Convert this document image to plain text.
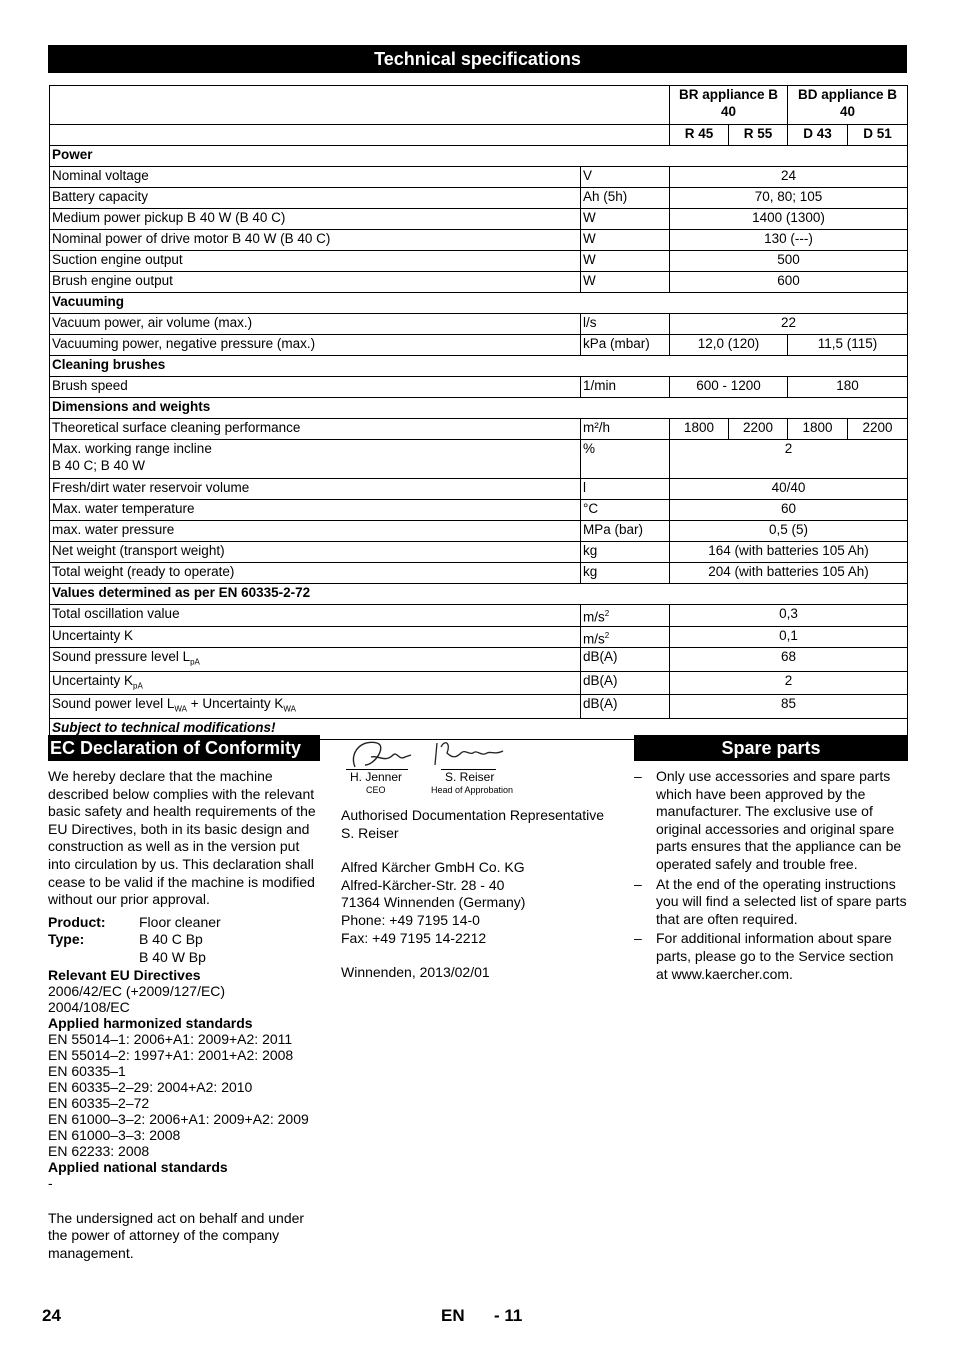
Technical specifications
		BR appliance B 40		BD appliance B 40	
		R 45	R 55	D 43	D 51
Power					
Nominal voltage	V	24			
Battery capacity	Ah (5h)	70, 80; 105			
Medium power pickup B 40 W (B 40 C)	W	1400 (1300)			
Nominal power of drive motor B 40 W (B 40 C)	W	130 (---)			
Suction engine output	W	500			
Brush engine output	W	600			
Vacuuming					
Vacuum power, air volume (max.)	l/s	22			
Vacuuming power, negative pressure (max.)	kPa (mbar)	12,0 (120)		11,5 (115)	
Cleaning brushes					
Brush speed	1/min	600 - 1200		180	
Dimensions and weights					
Theoretical surface cleaning performance	m²/h	1800	2200	1800	2200
Max. working range incline
B 40 C; B 40 W	%	2			
Fresh/dirt water reservoir volume	l	40/40			
Max. water temperature	°C	60			
max. water pressure	MPa (bar)	0,5 (5)			
Net weight (transport weight)	kg	164 (with batteries 105 Ah)			
Total weight (ready to operate)	kg	204 (with batteries 105 Ah)			
Values determined as per EN 60335-2-72					
Total oscillation value	$m/s^2$	0,3			
Uncertainty K	$m/s^2$	0,1			
Sound pressure level $L_{pA}$	dB(A)	68			
Uncertainty $K_{pA}$	dB(A)	2			
Sound power level $L_{WA}$ + Uncertainty $K_{WA}$	dB(A)	85			
Subject to technical modifications!					
EC Declaration of Conformity
We hereby declare that the machine described below complies with the relevant basic safety and health requirements of the EU Directives, both in its basic design and construction as well as in the version put into circulation by us. This declaration shall cease to be valid if the machine is modified without our prior approval.
Product:	Floor cleaner
Type:	B 40 C Bp
B 40 W Bp
Relevant EU Directives
2006/42/EC (+2009/127/EC)
2004/108/EC
Applied harmonized standards
EN 55014–1: 2006+A1: 2009+A2: 2011
EN 55014–2: 1997+A1: 2001+A2: 2008
EN 60335–1
EN 60335–2–29: 2004+A2: 2010
EN 60335–2–72
EN 61000–3–2: 2006+A1: 2009+A2: 2009
EN 61000–3–3: 2008
EN 62233: 2008
Applied national standards
-
The undersigned act on behalf and under the power of attorney of the company management.
H. Jenner
CEO
S. Reiser
Head of Approbation
Authorised Documentation Representative
S. Reiser
Alfred Kärcher GmbH Co. KG
Alfred-Kärcher-Str. 28 - 40
71364 Winnenden (Germany)
Phone: +49 7195 14-0
Fax: +49 7195 14-2212
Winnenden, 2013/02/01
Spare parts
–	Only use accessories and spare parts which have been approved by the manufacturer. The exclusive use of original accessories and original spare parts ensures that the appliance can be operated safely and trouble free.
–	At the end of the operating instructions you will find a selected list of spare parts that are often required.
–	For additional information about spare parts, please go to the Service section at www.kaercher.com.
24	EN - 11
